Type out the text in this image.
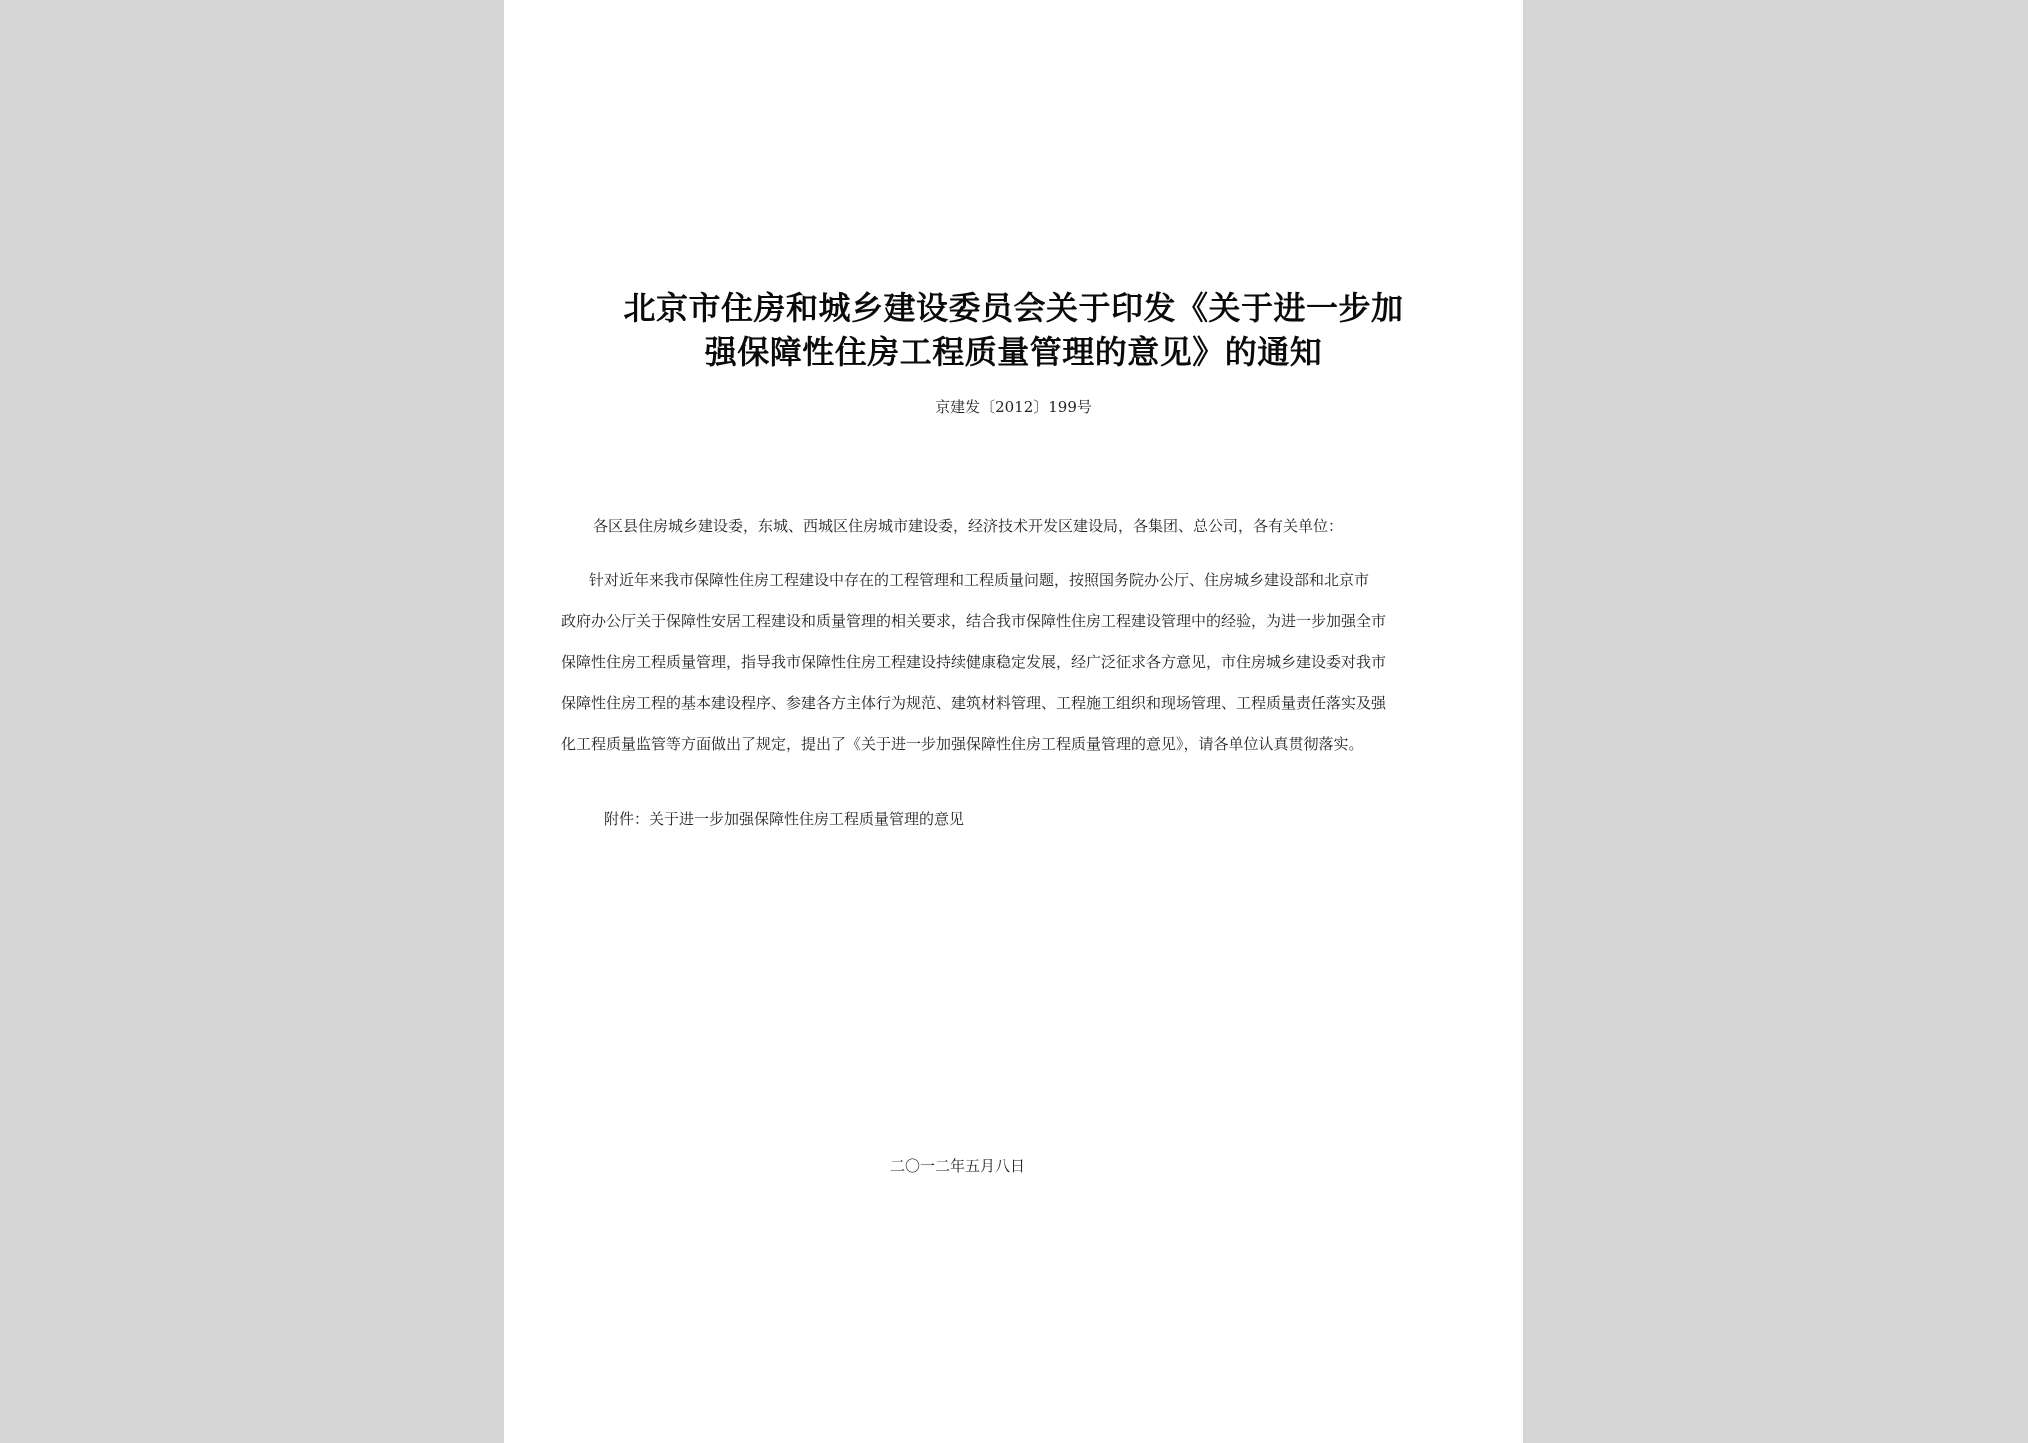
北京市住房和城乡建设委员会关于印发《关于进一步加
强保障性住房工程质量管理的意见》的通知
京建发〔2012〕199号
各区县住房城乡建设委，东城、西城区住房城市建设委，经济技术开发区建设局，各集团、总公司，各有关单位：
针对近年来我市保障性住房工程建设中存在的工程管理和工程质量问题，按照国务院办公厅、住房城乡建设部和北京市
政府办公厅关于保障性安居工程建设和质量管理的相关要求，结合我市保障性住房工程建设管理中的经验，为进一步加强全市
保障性住房工程质量管理，指导我市保障性住房工程建设持续健康稳定发展，经广泛征求各方意见，市住房城乡建设委对我市
保障性住房工程的基本建设程序、参建各方主体行为规范、建筑材料管理、工程施工组织和现场管理、工程质量责任落实及强
化工程质量监管等方面做出了规定，提出了《关于进一步加强保障性住房工程质量管理的意见》，请各单位认真贯彻落实。
附件：关于进一步加强保障性住房工程质量管理的意见
二〇一二年五月八日
